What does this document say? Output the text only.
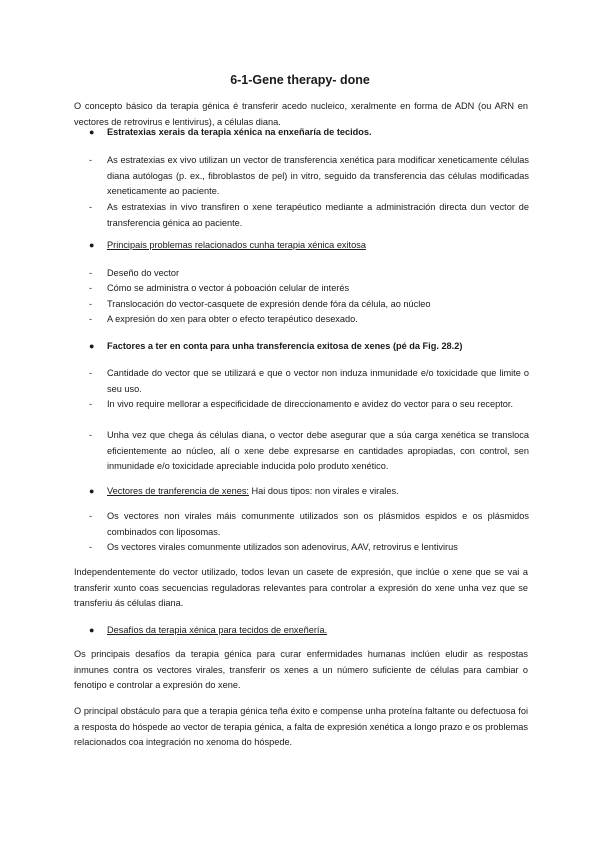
6-1-Gene therapy- done

O concepto básico da terapia génica é transferir acedo nucleico, xeralmente en forma de ADN (ou ARN en vectores de retrovirus e lentivirus), a células diana.

● Estratexias xerais da terapia xénica na enxeñaría de tecidos.
- As estratexias ex vivo utilizan un vector de transferencia xenética para modificar xeneticamente células diana autólogas (p. ex., fibroblastos de pel) in vitro, seguido da transferencia das células modificadas xeneticamente ao paciente.
- As estratexias in vivo transfiren o xene terapéutico mediante a administración directa dun vector de transferencia génica ao paciente.
● Principais problemas relacionados cunha terapia xénica exitosa
- Deseño do vector
- Cómo se administra o vector á poboación celular de interés
- Translocación do vector-casquete de expresión dende fóra da célula, ao núcleo
- A expresión do xen para obter o efecto terapéutico desexado.
● Factores a ter en conta para unha transferencia exitosa de xenes (pé da Fig. 28.2)
- Cantidade do vector que se utilizará e que o vector non induza inmunidade e/o toxicidade que limite o seu uso.
- In vivo require mellorar a especificidade de direccionamento e avidez do vector para o seu receptor.
- Unha vez que chega ás células diana, o vector debe asegurar que a súa carga xenética se transloca eficientemente ao núcleo, alí o xene debe expresarse en cantidades apropiadas, con control, sen inmunidade e/o toxicidade apreciable inducida polo produto xenético.
● Vectores de tranferencia de xenes: Hai dous tipos: non virales e virales.
- Os vectores non virales máis comunmente utilizados son os plásmidos espidos e os plásmidos combinados con liposomas.
- Os vectores virales comunmente utilizados son adenovirus, AAV, retrovirus e lentivirus

Independentemente do vector utilizado, todos levan un casete de expresión, que inclúe o xene que se vai a transferir xunto coas secuencias reguladoras relevantes para controlar a expresión do xene unha vez que se transferiu ás células diana.

● Desafíos da terapia xénica para tecidos de enxeñería.

Os principais desafíos da terapia génica para curar enfermidades humanas inclúen eludir as respostas inmunes contra os vectores virales, transferir os xenes a un número suficiente de células para cambiar o fenotipo e controlar a expresión do xene.

O principal obstáculo para que a terapia génica teña éxito e compense unha proteína faltante ou defectuosa foi a resposta do hóspede ao vector de terapia génica, a falta de expresión xenética a longo prazo e os problemas relacionados coa integración no xenoma do hóspede.
